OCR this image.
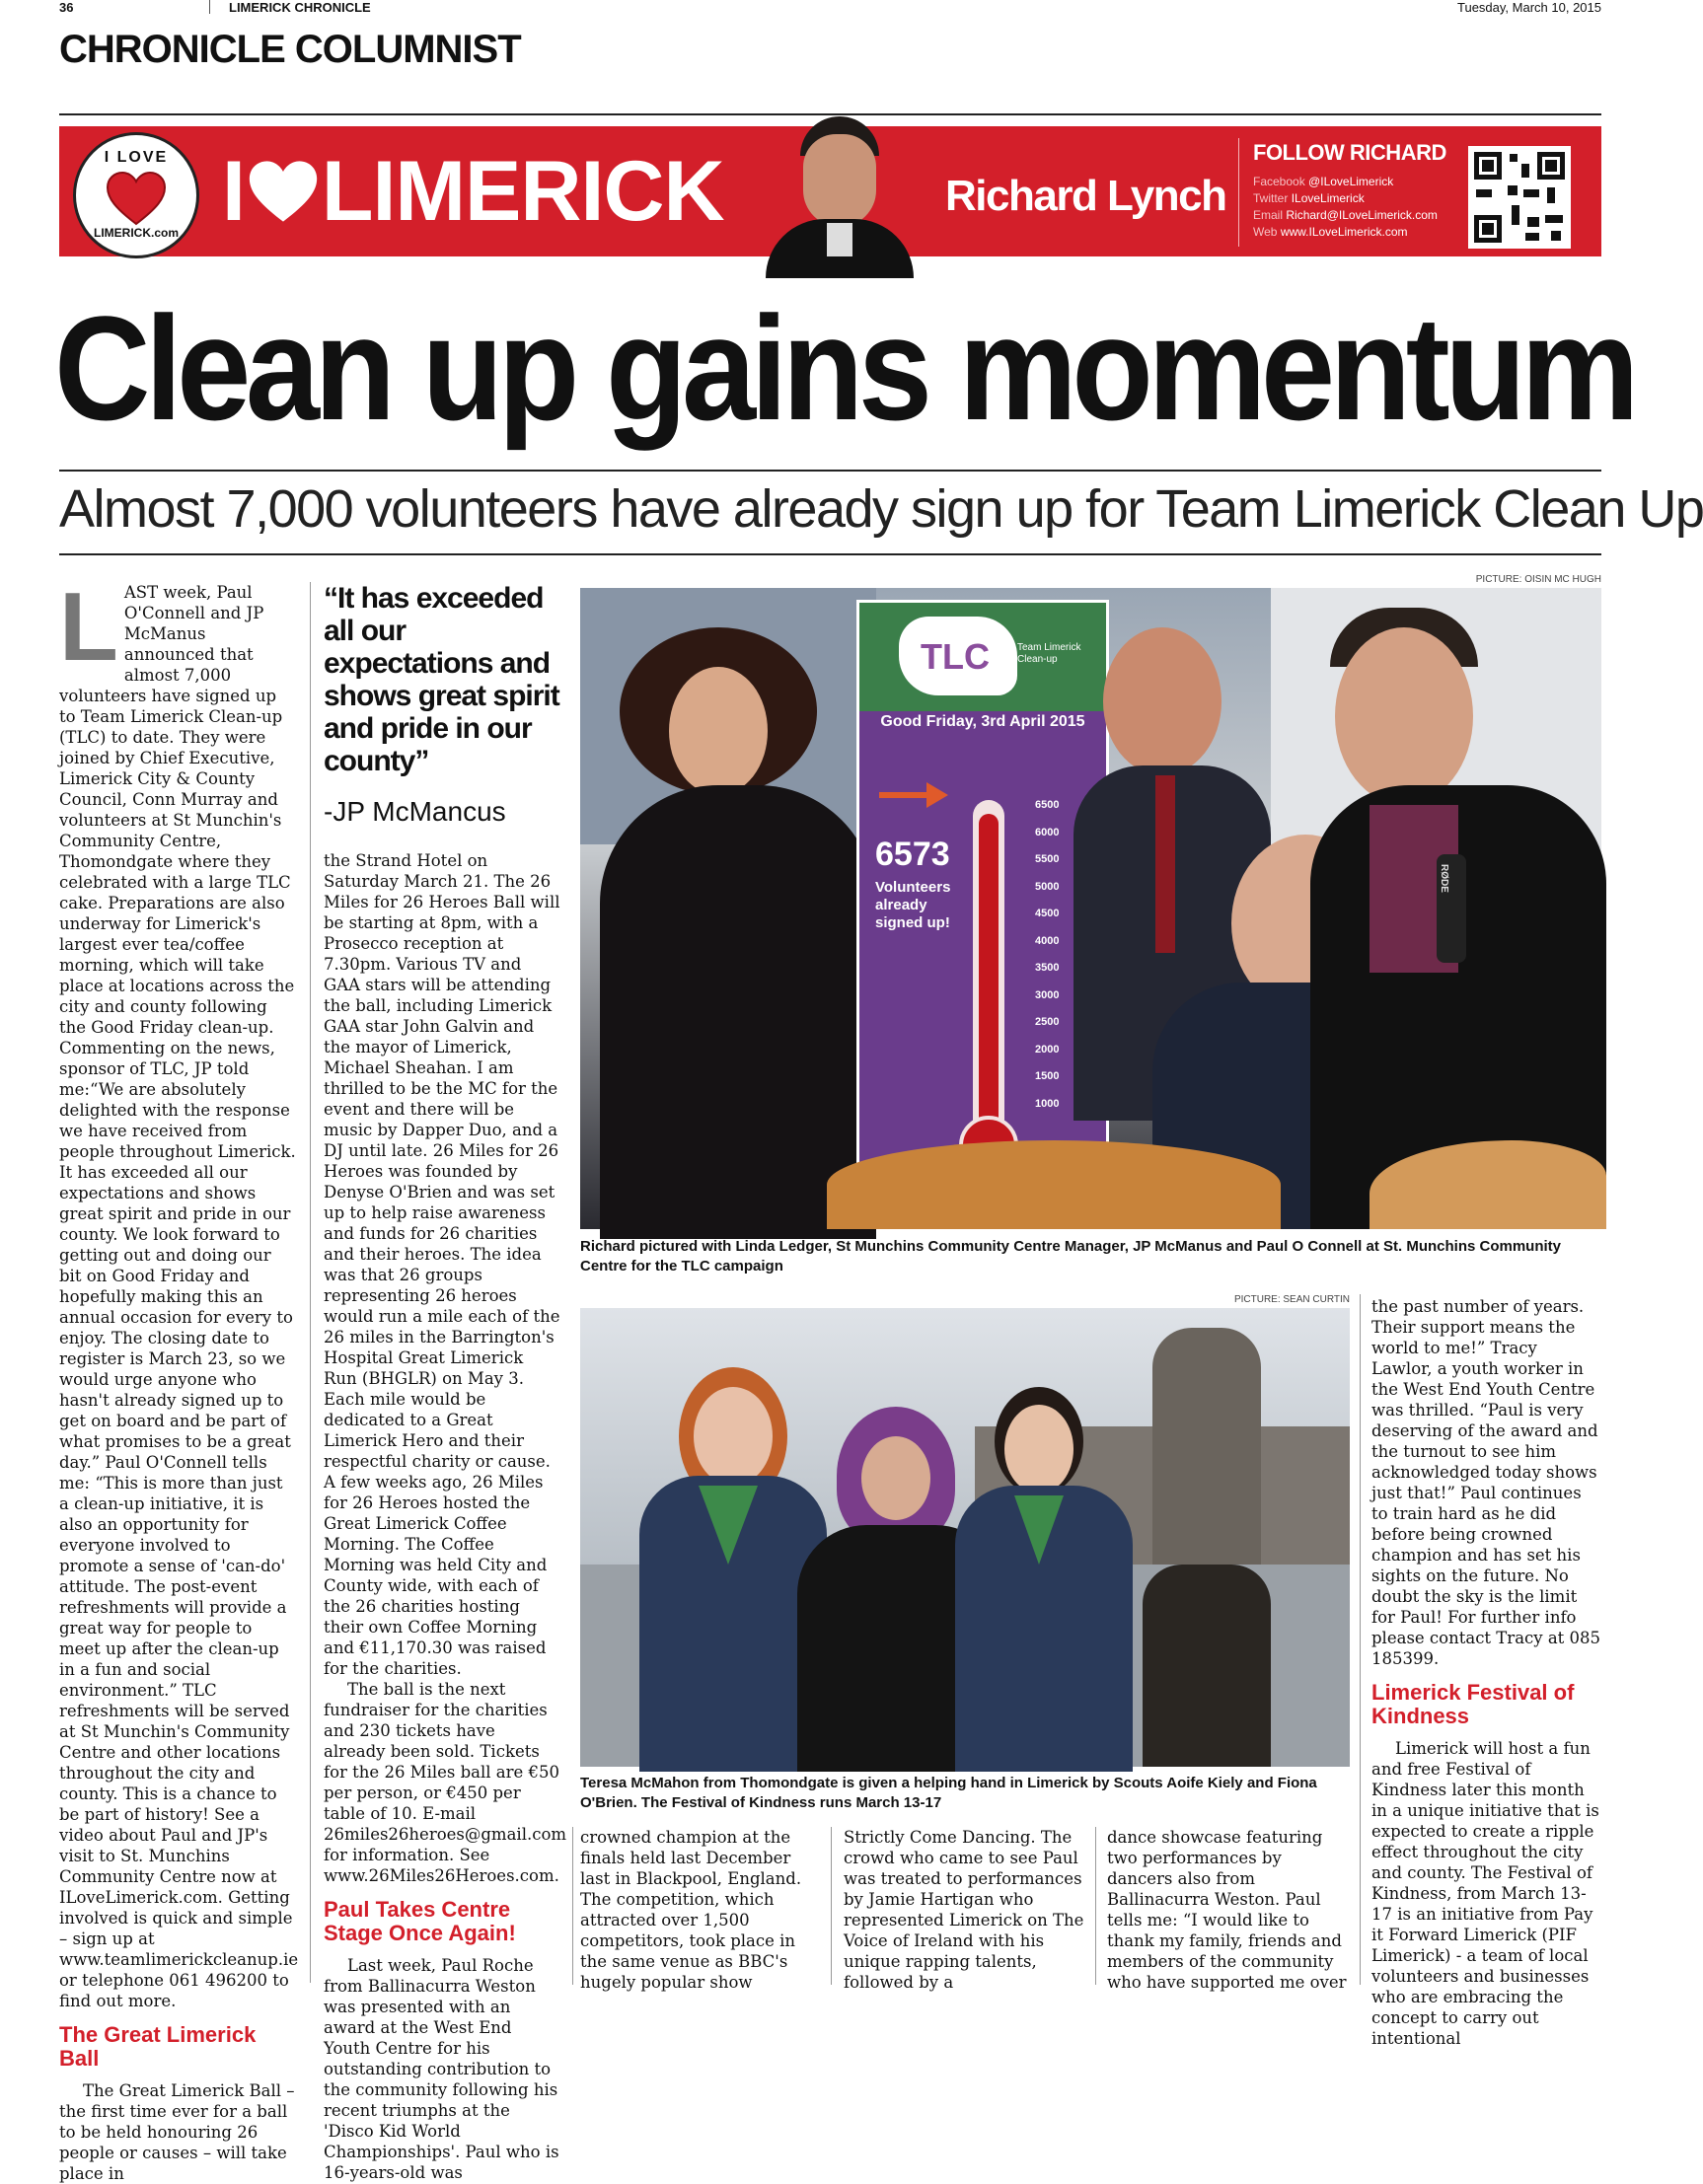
36	LIMERICK CHRONICLE	Tuesday, March 10, 2015
CHRONICLE COLUMNIST
I LOVE
LIMERICK.com I LIMERICK	Richard Lynch
FOLLOW RICHARD
Facebook @ILoveLimerick
Twitter ILoveLimerick
Email Richard@ILoveLimerick.com
Web www.ILoveLimerick.com
Clean up gains momentum
Almost 7,000 volunteers have already sign up for Team Limerick Clean Up

LAST week, Paul O'Connell and JP McManus announced that almost 7,000 volunteers have signed up to Team Limerick Clean-up (TLC) to date. They were joined by Chief Executive, Limerick City & County Council, Conn Murray and volunteers at St Munchin's Community Centre, Thomondgate where they celebrated with a large TLC cake. Preparations are also underway for Limerick's largest ever tea/coffee morning, which will take place at locations across the city and county following the Good Friday clean-up. Commenting on the news, sponsor of TLC, JP told me:“We are absolutely delighted with the response we have received from people throughout Limerick. It has exceeded all our expectations and shows great spirit and pride in our county. We look forward to getting out and doing our bit on Good Friday and hopefully making this an annual occasion for every to enjoy. The closing date to register is March 23, so we would urge anyone who hasn't already signed up to get on board and be part of what promises to be a great day.” Paul O'Connell tells me: “This is more than just a clean-up initiative, it is also an opportunity for everyone involved to promote a sense of 'can-do' attitude. The post-event refreshments will provide a great way for people to meet up after the clean-up in a fun and social environment.” TLC refreshments will be served at St Munchin's Community Centre and other locations throughout the city and county. This is a chance to be part of history! See a video about Paul and JP's visit to St. Munchins Community Centre now at ILoveLimerick.com. Getting involved is quick and simple – sign up at www.teamlimerickcleanup.ie or telephone 061 496200 to find out more.

The Great Limerick Ball

The Great Limerick Ball – the first time ever for a ball to be held honouring 26 people or causes – will take place in

“It has exceeded all our expectations and shows great spirit and pride in our county”
-JP McMancus

the Strand Hotel on Saturday March 21. The 26 Miles for 26 Heroes Ball will be starting at 8pm, with a Prosecco reception at 7.30pm. Various TV and GAA stars will be attending the ball, including Limerick GAA star John Galvin and the mayor of Limerick, Michael Sheahan. I am thrilled to be the MC for the event and there will be music by Dapper Duo, and a DJ until late. 26 Miles for 26 Heroes was founded by Denyse O'Brien and was set up to help raise awareness and funds for 26 charities and their heroes. The idea was that 26 groups representing 26 heroes would run a mile each of the 26 miles in the Barrington's Hospital Great Limerick Run (BHGLR) on May 3. Each mile would be dedicated to a Great Limerick Hero and their respectful charity or cause. A few weeks ago, 26 Miles for 26 Heroes hosted the Great Limerick Coffee Morning. The Coffee Morning was held City and County wide, with each of the 26 charities hosting their own Coffee Morning and €11,170.30 was raised for the charities.

The ball is the next fundraiser for the charities and 230 tickets have already been sold. Tickets for the 26 Miles ball are €50 per person, or €450 per table of 10. E-mail 26miles26heroes@gmail.com for information. See www.26Miles26Heroes.com.

Paul Takes Centre Stage Once Again!

Last week, Paul Roche from Ballinacurra Weston was presented with an award at the West End Youth Centre for his outstanding contribution to the community following his recent triumphs at the 'Disco Kid World Championships'. Paul who is 16-years-old was

PICTURE: OISIN MC HUGH
TLC	Team Limerick Clean-up
Good Friday, 3rd April 2015
6573
Volunteers already signed up!
6500
6000
5500
5000
4500
4000
3500
3000
2500
2000
1500
1000
RØDE
Richard pictured with Linda Ledger, St Munchins Community Centre Manager, JP McManus and Paul O Connell at St. Munchins Community Centre for the TLC campaign
PICTURE: SEAN CURTIN
Teresa McMahon from Thomondgate is given a helping hand in Limerick by Scouts Aoife Kiely and Fiona O'Brien. The Festival of Kindness runs March 13-17

crowned champion at the finals held last December last in Blackpool, England. The competition, which attracted over 1,500 competitors, took place in the same venue as BBC's hugely popular show

Strictly Come Dancing. The crowd who came to see Paul was treated to performances by Jamie Hartigan who represented Limerick on The Voice of Ireland with his unique rapping talents, followed by a

dance showcase featuring two performances by dancers also from Ballinacurra Weston. Paul tells me: “I would like to thank my family, friends and members of the community who have supported me over

the past number of years. Their support means the world to me!” Tracy Lawlor, a youth worker in the West End Youth Centre was thrilled. “Paul is very deserving of the award and the turnout to see him acknowledged today shows just that!” Paul continues to train hard as he did before being crowned champion and has set his sights on the future. No doubt the sky is the limit for Paul! For further info please contact Tracy at 085 185399.

Limerick Festival of Kindness

Limerick will host a fun and free Festival of Kindness later this month in a unique initiative that is expected to create a ripple effect throughout the city and county. The Festival of Kindness, from March 13-17 is an initiative from Pay it Forward Limerick (PIF Limerick) - a team of local volunteers and businesses who are embracing the concept to carry out intentional
